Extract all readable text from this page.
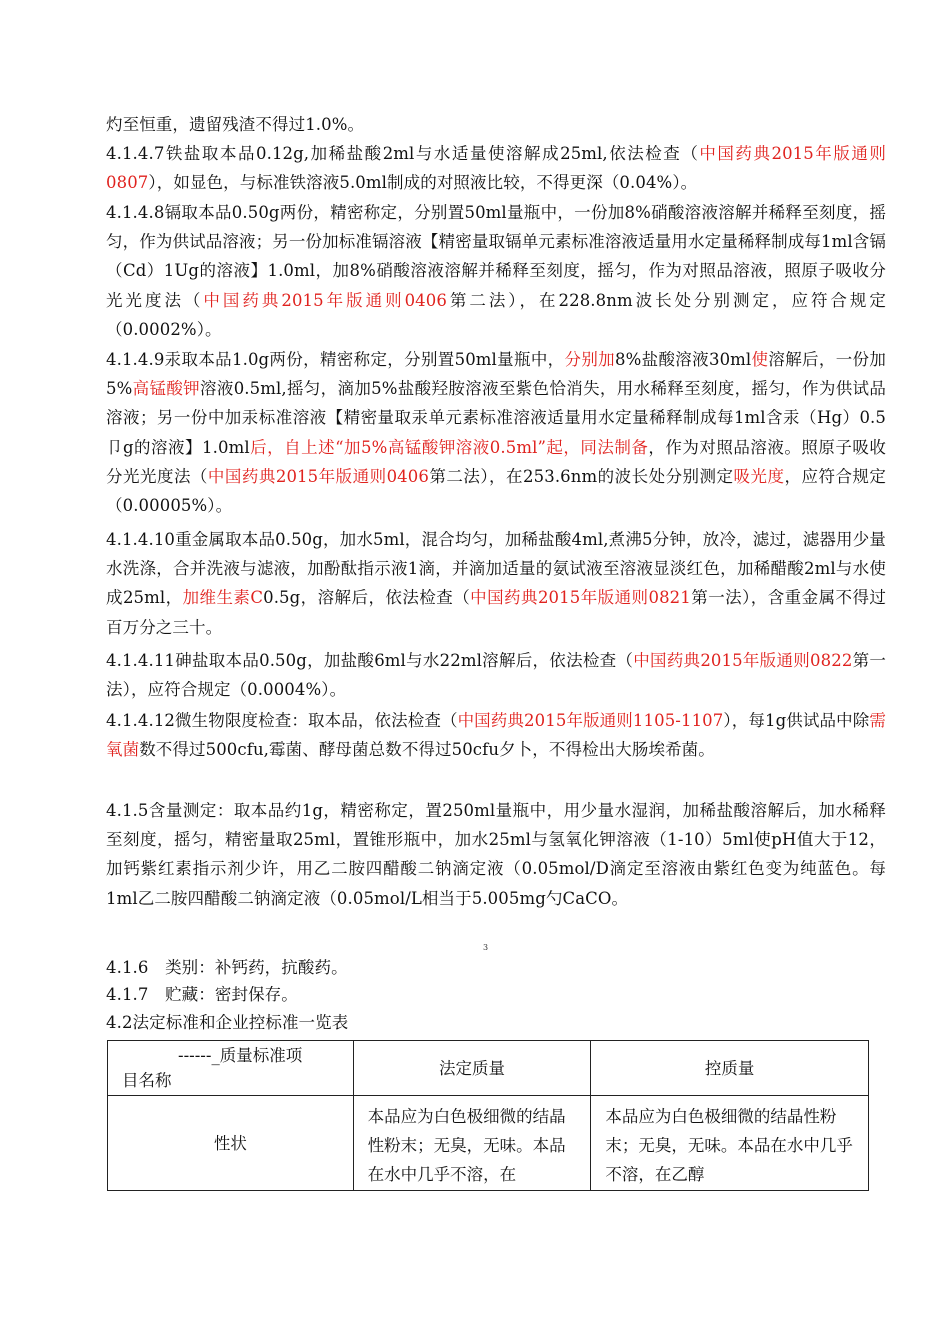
灼至恒重，遗留残渣不得过1.0%。
4.1.4.7铁盐取本品0.12g,加稀盐酸2ml与水适量使溶解成25ml,依法检查（中国药典2015年版通则0807），如显色，与标准铁溶液5.0ml制成的对照液比较，不得更深（0.04%）。
4.1.4.8镉取本品0.50g两份，精密称定，分别置50ml量瓶中，一份加8%硝酸溶液溶解并稀释至刻度，摇匀，作为供试品溶液；另一份加标准镉溶液【精密量取镉单元素标准溶液适量用水定量稀释制成每1ml含镉（Cd）1Ug的溶液】1.0ml，加8%硝酸溶液溶解并稀释至刻度，摇匀，作为对照品溶液，照原子吸收分光光度法（中国药典2015年版通则0406第二法），在228.8nm波长处分别测定，应符合规定（0.0002%）。
4.1.4.9汞取本品1.0g两份，精密称定，分别置50ml量瓶中，分别加8%盐酸溶液30ml使溶解后，一份加5%高锰酸钾溶液0.5ml,摇匀，滴加5%盐酸羟胺溶液至紫色恰消失，用水稀释至刻度，摇匀，作为供试品溶液；另一份中加汞标准溶液【精密量取汞单元素标准溶液适量用水定量稀释制成每1ml含汞（Hg）0.5卩g的溶液】1.0ml后，自上述“加5%高锰酸钾溶液0.5ml”起，同法制备，作为对照品溶液。照原子吸收分光光度法（中国药典2015年版通则0406第二法），在253.6nm的波长处分别测定吸光度，应符合规定（0.00005%）。
4.1.4.10重金属取本品0.50g，加水5ml，混合均匀，加稀盐酸4ml,煮沸5分钟，放冷，滤过，滤器用少量水洗涤，合并洗液与滤液，加酚酞指示液1滴，并滴加适量的氨试液至溶液显淡红色，加稀醋酸2ml与水使成25ml，加维生素C0.5g，溶解后，依法检查（中国药典2015年版通则0821第一法），含重金属不得过百万分之三十。
4.1.4.11砷盐取本品0.50g，加盐酸6ml与水22ml溶解后，依法检查（中国药典2015年版通则0822第一法），应符合规定（0.0004%）。
4.1.4.12微生物限度检查：取本品，依法检查（中国药典2015年版通则1105-1107），每1g供试品中除需氧菌数不得过500cfu,霉菌、酵母菌总数不得过50cfu夕卜，不得检出大肠埃希菌。
4.1.5含量测定：取本品约1g，精密称定，置250ml量瓶中，用少量水湿润，加稀盐酸溶解后，加水稀释至刻度，摇匀，精密量取25ml，置锥形瓶中，加水25ml与氢氧化钾溶液（1-10）5ml使pH值大于12，加钙紫红素指示剂少许，用乙二胺四醋酸二钠滴定液（0.05mol/D滴定至溶液由紫红色变为纯蓝色。每1ml乙二胺四醋酸二钠滴定液（0.05mol/L相当于5.005mg勺CaCO。
3
4.1.6　类别：补钙药，抗酸药。
4.1.7　贮藏：密封保存。
4.2法定标准和企业控标准一览表
------_质量标准项
目名称	法定质量	控质量
性状	本品应为白色极细微的结晶性粉末；无臭，无味。本品在水中几乎不溶，在	本品应为白色极细微的结晶性粉末；无臭，无味。本品在水中几乎不溶，在乙醇
